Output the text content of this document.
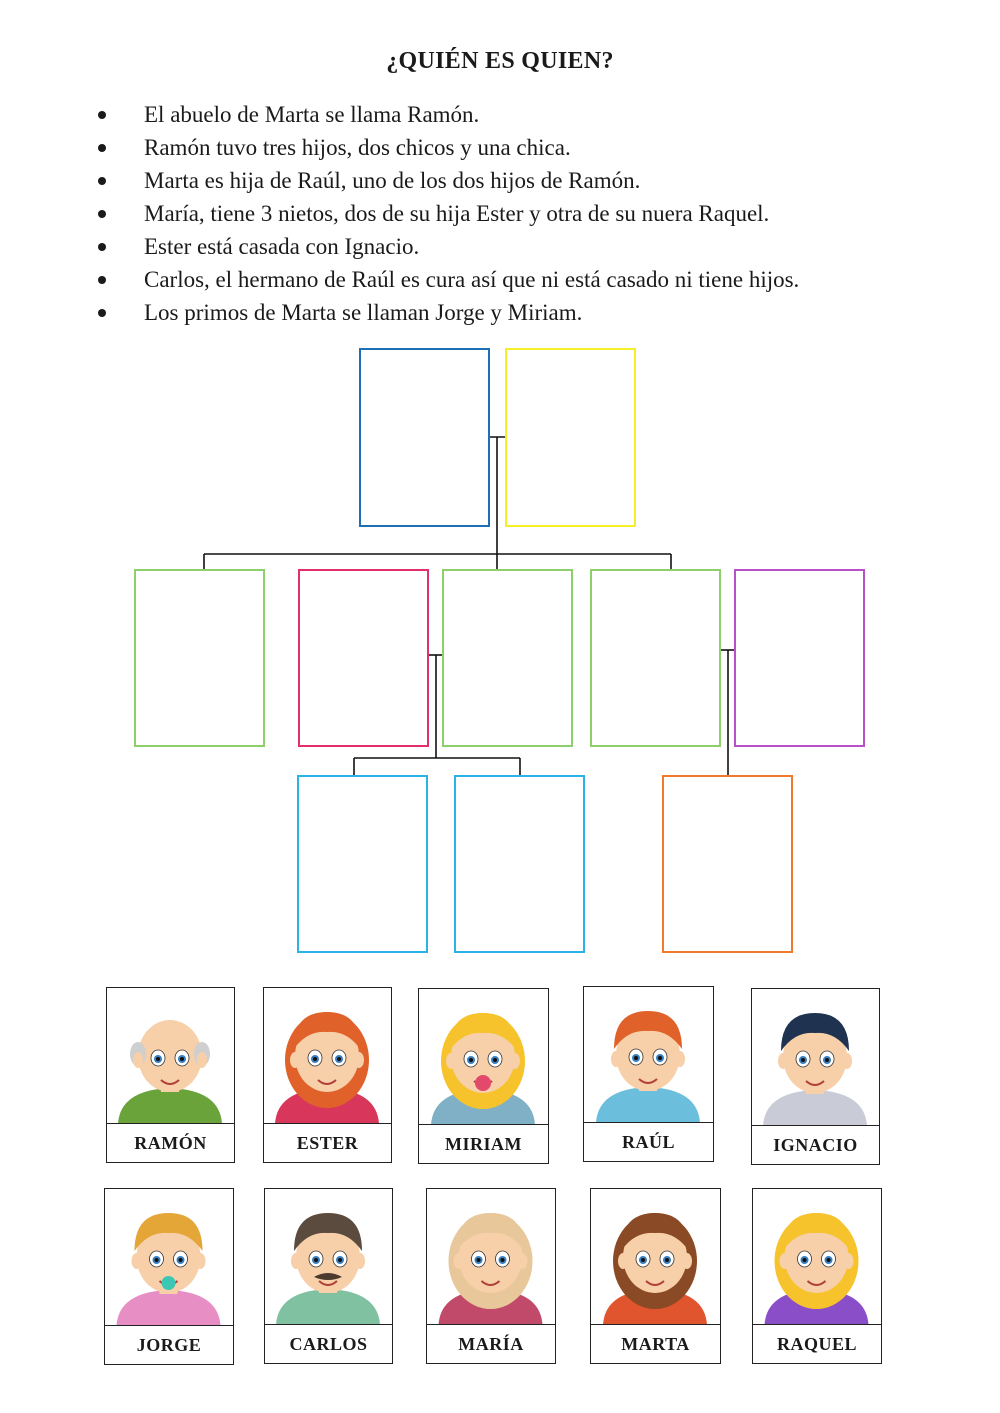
¿QUIÉN ES QUIEN?
El abuelo de Marta se llama Ramón.
Ramón tuvo tres hijos, dos chicos y una chica.
Marta es hija de Raúl, uno de los dos hijos de Ramón.
María, tiene 3 nietos, dos de su hija Ester y otra de su nuera Raquel.
Ester está casada con Ignacio.
Carlos, el hermano de Raúl es cura así que ni está casado ni tiene hijos.
Los primos de Marta se llaman Jorge y Miriam.
RAMÓN	ESTER	MIRIAM	RAÚL	IGNACIO
JORGE	CARLOS	MARÍA	MARTA	RAQUEL
